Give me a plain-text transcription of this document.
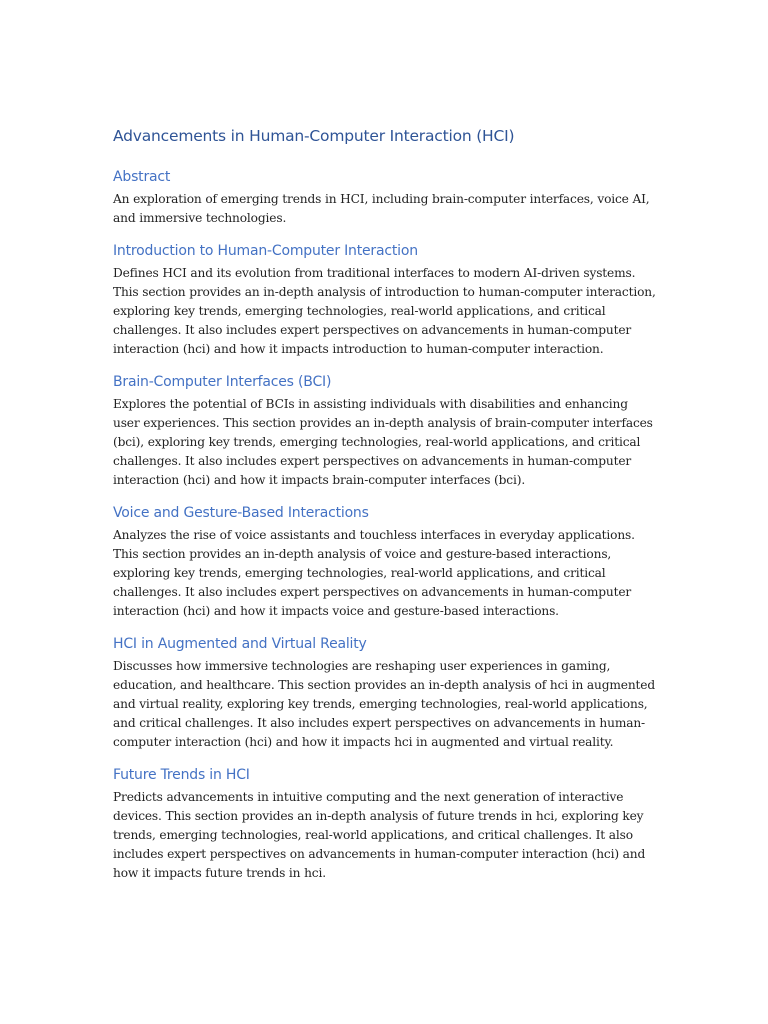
Advancements in Human-Computer Interaction (HCI)
Abstract

An exploration of emerging trends in HCI, including brain-computer interfaces, voice AI, and immersive technologies.

Introduction to Human-Computer Interaction

Defines HCI and its evolution from traditional interfaces to modern AI-driven systems. This section provides an in-depth analysis of introduction to human-computer interaction, exploring key trends, emerging technologies, real-world applications, and critical challenges. It also includes expert perspectives on advancements in human-computer interaction (hci) and how it impacts introduction to human-computer interaction.

Brain-Computer Interfaces (BCI)

Explores the potential of BCIs in assisting individuals with disabilities and enhancing user experiences. This section provides an in-depth analysis of brain-computer interfaces (bci), exploring key trends, emerging technologies, real-world applications, and critical challenges. It also includes expert perspectives on advancements in human-computer interaction (hci) and how it impacts brain-computer interfaces (bci).

Voice and Gesture-Based Interactions

Analyzes the rise of voice assistants and touchless interfaces in everyday applications. This section provides an in-depth analysis of voice and gesture-based interactions, exploring key trends, emerging technologies, real-world applications, and critical challenges. It also includes expert perspectives on advancements in human-computer interaction (hci) and how it impacts voice and gesture-based interactions.

HCI in Augmented and Virtual Reality

Discusses how immersive technologies are reshaping user experiences in gaming, education, and healthcare. This section provides an in-depth analysis of hci in augmented and virtual reality, exploring key trends, emerging technologies, real-world applications, and critical challenges. It also includes expert perspectives on advancements in human-computer interaction (hci) and how it impacts hci in augmented and virtual reality.

Future Trends in HCI

Predicts advancements in intuitive computing and the next generation of interactive devices. This section provides an in-depth analysis of future trends in hci, exploring key trends, emerging technologies, real-world applications, and critical challenges. It also includes expert perspectives on advancements in human-computer interaction (hci) and how it impacts future trends in hci.
